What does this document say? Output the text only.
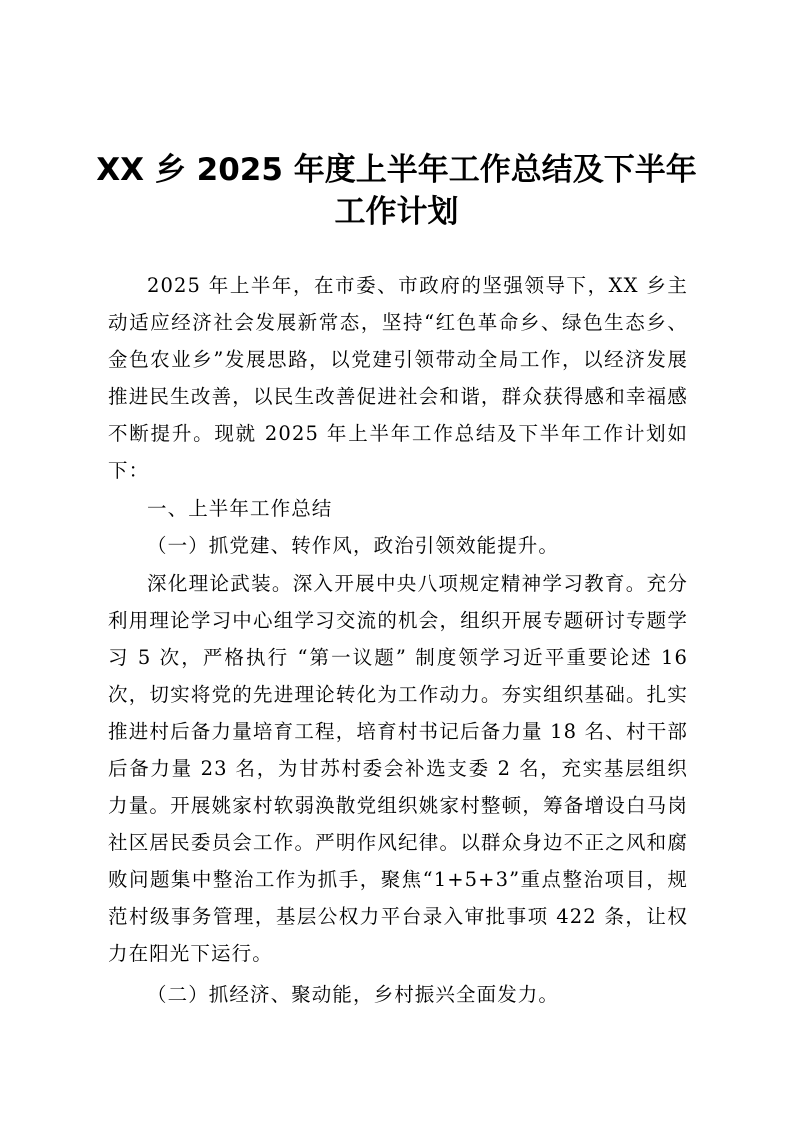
XX 乡 2025 年度上半年工作总结及下半年
工作计划

2025 年上半年，在市委、市政府的坚强领导下，XX 乡主动适应经济社会发展新常态，坚持“红色革命乡、绿色生态乡、金色农业乡”发展思路，以党建引领带动全局工作，以经济发展推进民生改善，以民生改善促进社会和谐，群众获得感和幸福感不断提升。现就 2025 年上半年工作总结及下半年工作计划如下：

一、上半年工作总结

（一）抓党建、转作风，政治引领效能提升。

深化理论武装。深入开展中央八项规定精神学习教育。充分利用理论学习中心组学习交流的机会，组织开展专题研讨专题学习 5 次，严格执行 “第一议题” 制度领学习近平重要论述 16 次，切实将党的先进理论转化为工作动力。夯实组织基础。扎实推进村后备力量培育工程，培育村书记后备力量 18 名、村干部后备力量 23 名，为甘苏村委会补选支委 2 名，充实基层组织力量。开展姚家村软弱涣散党组织姚家村整顿，筹备增设白马岗社区居民委员会工作。严明作风纪律。以群众身边不正之风和腐败问题集中整治工作为抓手，聚焦“1+5+3”重点整治项目，规范村级事务管理，基层公权力平台录入审批事项 422 条，让权力在阳光下运行。

（二）抓经济、聚动能，乡村振兴全面发力。
